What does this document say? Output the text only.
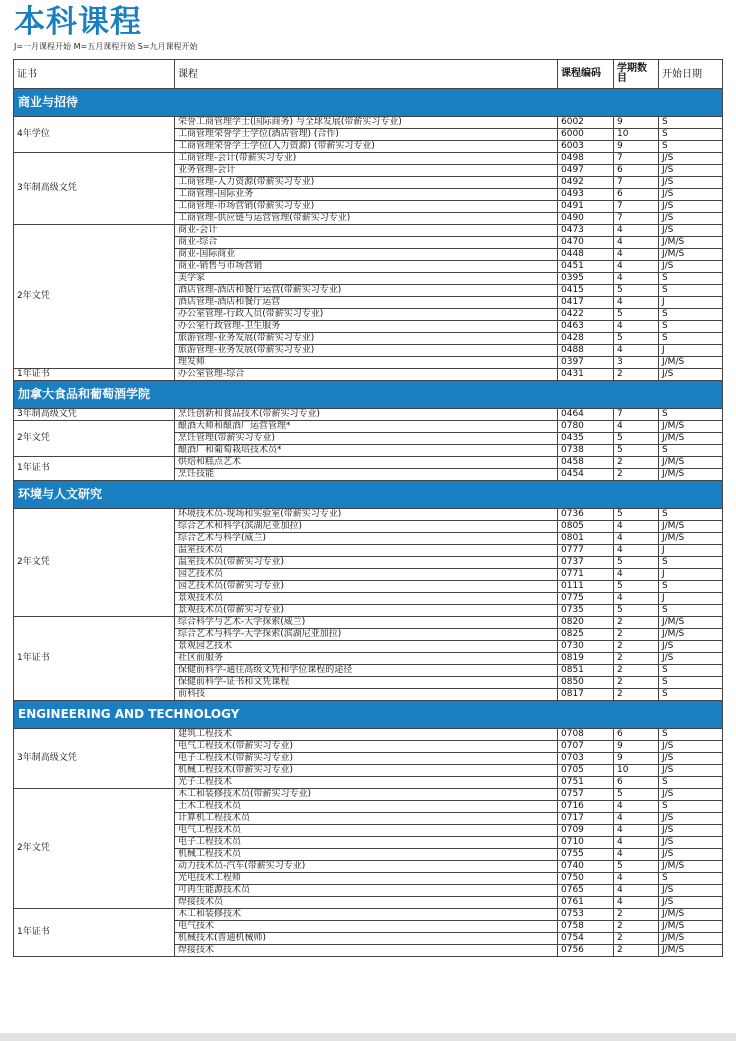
本科课程
J=一月课程开始 M=五月课程开始 S=九月课程开始
证书	课程	课程编码	学期数目	开始日期
商业与招待				
4年学位	荣誉工商管理学士(国际商务) 与全球发展(带薪实习专业)	6002	9	S
	工商管理荣誉学士学位(酒店管理) (合作)	6000	10	S
	工商管理荣誉学士学位(人力资源) (带薪实习专业)	6003	9	S
3年制高级文凭	工商管理-会计(带薪实习专业)	0498	7	J/S
	业务管理-会计	0497	6	J/S
	工商管理-人力资源(带薪实习专业)	0492	7	J/S
	工商管理-国际业务	0493	6	J/S
	工商管理-市场营销(带薪实习专业)	0491	7	J/S
	工商管理-供应链与运营管理(带薪实习专业)	0490	7	J/S
2年文凭	商业-会计	0473	4	J/S
	商业-综合	0470	4	J/M/S
	商业-国际商业	0448	4	J/M/S
	商业-销售与市场营销	0451	4	J/S
	美学家	0395	4	S
	酒店管理-酒店和餐厅运营(带薪实习专业)	0415	5	S
	酒店管理-酒店和餐厅运营	0417	4	J
	办公室管理-行政人员(带薪实习专业)	0422	5	S
	办公室行政管理-卫生服务	0463	4	S
	旅游管理-业务发展(带薪实习专业)	0428	5	S
	旅游管理-业务发展(带薪实习专业)	0488	4	J
	理发师	0397	3	J/M/S
1年证书	办公室管理-综合	0431	2	J/S
加拿大食品和葡萄酒学院				
3年制高级文凭	烹饪创新和食品技术(带薪实习专业)	0464	7	S
2年文凭	酿酒大师和酿酒厂运营管理*	0780	4	J/M/S
	烹饪管理(带薪实习专业)	0435	5	J/M/S
	酿酒厂和葡萄栽培技术员*	0738	5	S
1年证书	烘焙和糕点艺术	0458	2	J/M/S
	烹饪技能	0454	2	J/M/S
环境与人文研究				
2年文凭	环境技术员-现场和实验室(带薪实习专业)	0736	5	S
	综合艺术和科学(滨湖尼亚加拉)	0805	4	J/M/S
	综合艺术与科学(威兰)	0801	4	J/M/S
	温室技术员	0777	4	J
	温室技术员(带薪实习专业)	0737	5	S
	园艺技术员	0771	4	J
	园艺技术员(带薪实习专业)	0111	5	S
	景观技术员	0775	4	J
	景观技术员(带薪实习专业)	0735	5	S
1年证书	综合科学与艺术-大学探索(威兰)	0820	2	J/M/S
	综合艺术与科学-大学探索(滨湖尼亚加拉)	0825	2	J/M/S
	景观园艺技术	0730	2	J/S
	社区前服务	0819	2	J/S
	保健前科学-通往高级文凭和学位课程的途径	0851	2	S
	保健前科学-证书和文凭课程	0850	2	S
	前科技	0817	2	S
ENGINEERING AND TECHNOLOGY				
3年制高级文凭	建筑工程技术	0708	6	S
	电气工程技术(带薪实习专业)	0707	9	J/S
	电子工程技术(带薪实习专业)	0703	9	J/S
	机械工程技术(带薪实习专业)	0705	10	J/S
	光子工程技术	0751	6	S
2年文凭	木工和装修技术员(带薪实习专业)	0757	5	J/S
	土木工程技术员	0716	4	S
	计算机工程技术员	0717	4	J/S
	电气工程技术员	0709	4	J/S
	电子工程技术员	0710	4	J/S
	机械工程技术员	0755	4	J/S
	动力技术员-汽车(带薪实习专业)	0740	5	J/M/S
	光电技术工程师	0750	4	S
	可再生能源技术员	0765	4	J/S
	焊接技术员	0761	4	J/S
1年证书	木工和装修技术	0753	2	J/M/S
	电气技术	0758	2	J/M/S
	机械技术(普通机械师)	0754	2	J/M/S
	焊接技术	0756	2	J/M/S
